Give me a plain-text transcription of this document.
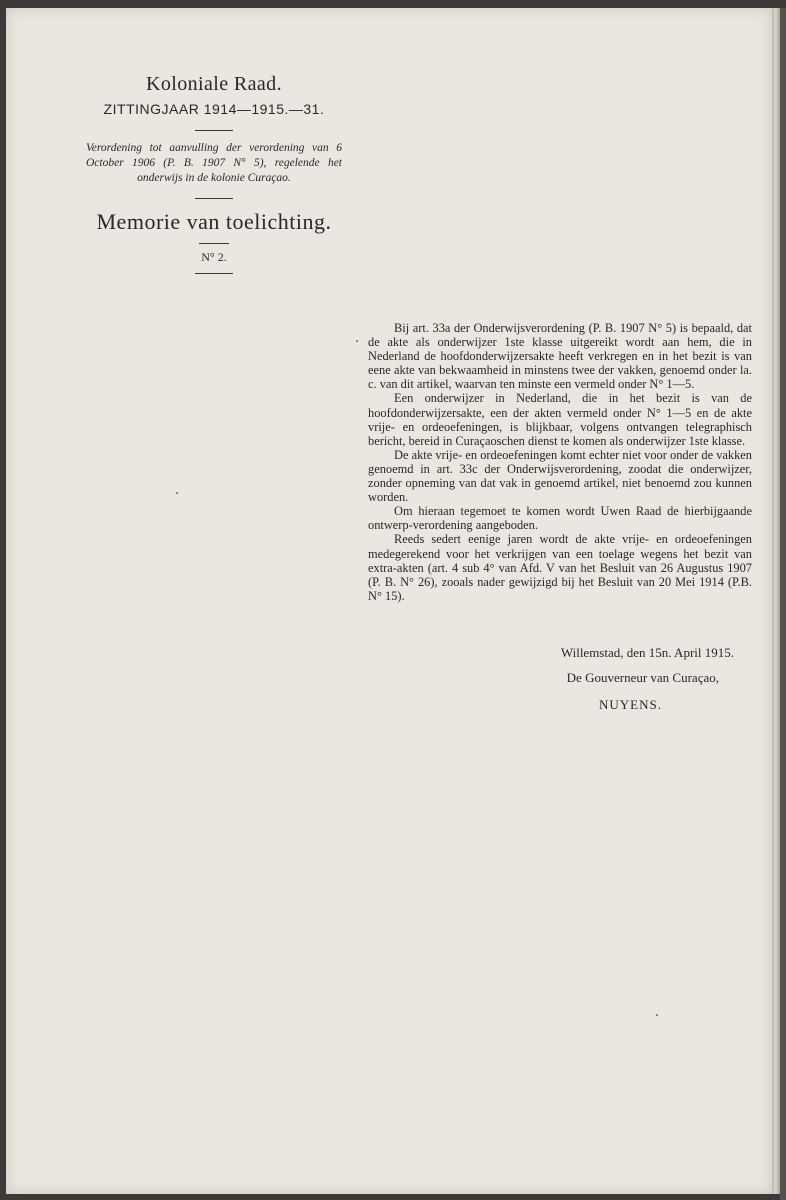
Koloniale Raad.
ZITTINGJAAR 1914—1915.—31.
Verordening tot aanvulling der verordening van 6 October 1906 (P. B. 1907 N° 5), regelende het onderwijs in de kolonie Curaçao.
Memorie van toelichting.
N° 2.

Bij art. 33a der Onderwijsverordening (P. B. 1907 N° 5) is bepaald, dat de akte als onderwijzer 1ste klasse uitgereikt wordt aan hem, die in Nederland de hoofdonderwijzersakte heeft verkregen en in het bezit is van eene akte van bekwaamheid in minstens twee der vakken, genoemd onder la. c. van dit artikel, waarvan ten minste een vermeld onder N° 1—5.

Een onderwijzer in Nederland, die in het bezit is van de hoofdonderwijzersakte, een der akten vermeld onder N° 1—5 en de akte vrije- en ordeoefeningen, is blijkbaar, volgens ontvangen telegraphisch bericht, bereid in Curaçaoschen dienst te komen als onderwijzer 1ste klasse.

De akte vrije- en ordeoefeningen komt echter niet voor onder de vakken genoemd in art. 33c der Onderwijsverordening, zoodat die onderwijzer, zonder opneming van dat vak in genoemd artikel, niet benoemd zou kunnen worden.

Om hieraan tegemoet te komen wordt Uwen Raad de hierbijgaande ontwerp-verordening aangeboden.

Reeds sedert eenige jaren wordt de akte vrije- en ordeoefeningen medegerekend voor het verkrijgen van een toelage wegens het bezit van extra-akten (art. 4 sub 4° van Afd. V van het Besluit van 26 Augustus 1907 (P. B. N° 26), zooals nader gewijzigd bij het Besluit van 20 Mei 1914 (P.B. N° 15).

Willemstad, den 15n. April 1915.
De Gouverneur van Curaçao,
NUYENS.
